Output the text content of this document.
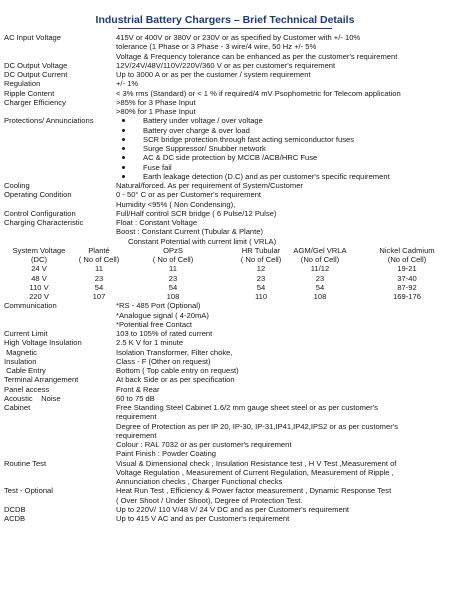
Industrial Battery Chargers – Brief Technical Details
AC Input Voltage	415V or 400V or 380V or 230V or as specified by Customer with +/- 10%
tolerance (1 Phase or 3 Phase - 3 wire/4 wire, 50 Hz +/- 5%
Voltage & Frequency tolerance can be enhanced as per the customer's requirement
DC Output Voltage	12V/24V/48V/110V/220V/360 V or as per customer's requirement
DC Output Current	Up to 3000 A or as per the customer / system requirement
Regulation	+/- 1%
Ripple Content	< 3% rms (Standard) or < 1 % if required/4 mV Psophometric for Telecom application
Charger Efficiency	>85% for 3 Phase Input
>80% for 1 Phase Input
Protections/ Annunciations	Battery under voltage / over voltage
Battery over charge & over load
SCR bridge protection through fast acting semiconductor fuses
Surge Suppressor/ Snubber network
AC & DC side protection by MCCB /ACB/HRC Fuse
Fuse fail
Earth leakage detection (D.C) and as per customer's specific requirement
Cooling	Natural/forced. As per requirement of System/Customer
Operating Condition	0 - 50° C or as per Customer's requirement
Humidity <95% ( Non Condensing),
Control Configuration	Full/Half control SCR bridge ( 6 Pulse/12 Pulse)
Charging Characteristic	Float : Constant Voltage
Boost : Constant Current (Tubular & Plante)
Constant Potential with current limit ( VRLA)
System Voltage	Planté	OPzS	HR Tubular	AGM/Gel VRLA	Nickel Cadmium
(DC)	( No of Cell)	( No of Cell)	( No of Cell)	(No of Cell)	(No of Cell)
24 V	11	11	12	11/12	19-21
48 V	23	23	23	23	37-40
110 V	54	54	54	54	87-92
220 V	107	108	110	108	169-176
Communication	*RS - 485 Port (Optional)
*Analogue signal ( 4-20mA)
*Potential free Contact
Current Limit	103 to 105% of rated current
High Voltage Insulation	2.5 K V for 1 minute
Magnetic	Isolation Transformer, Filter choke,
Insulation	Class - F (Other on request)
Cable Entry	Bottom ( Top cable entry on request)
Terminal Arrangement	At back Side or as per specification
Panel access	Front & Rear
Acoustic    Noise	60 to 75 dB
Cabinet	Free Standing Steel Cabinet 1.6/2 mm gauge sheet steel or as per customer's
requirement
Degree of Protection as per IP 20, IP-30, IP-31,IP41,IP42,IPS2 or as per customer's
requirement
Colour : RAL 7032 or as per customer's requirement
Paint Finish : Powder Coating
Routine Test	Visual & Dimensional check , Insulation Resistance test , H V Test ,Measurement of
Voltage Regulation , Measurement of Current Regulation, Measurement of Ripple ,
Annunciation checks , Charger Functional checks
Test - Optional	Heat Run Test , Efficiency & Power factor measurement , Dynamic Response Test
( Over Shoot / Under Shoot), Degree of Protection Test.
DCDB	Up to 220V/ 110 V/48 V/ 24 V DC and as per Customer's requirement
ACDB	Up to 415 V AC and as per Customer's requirement
